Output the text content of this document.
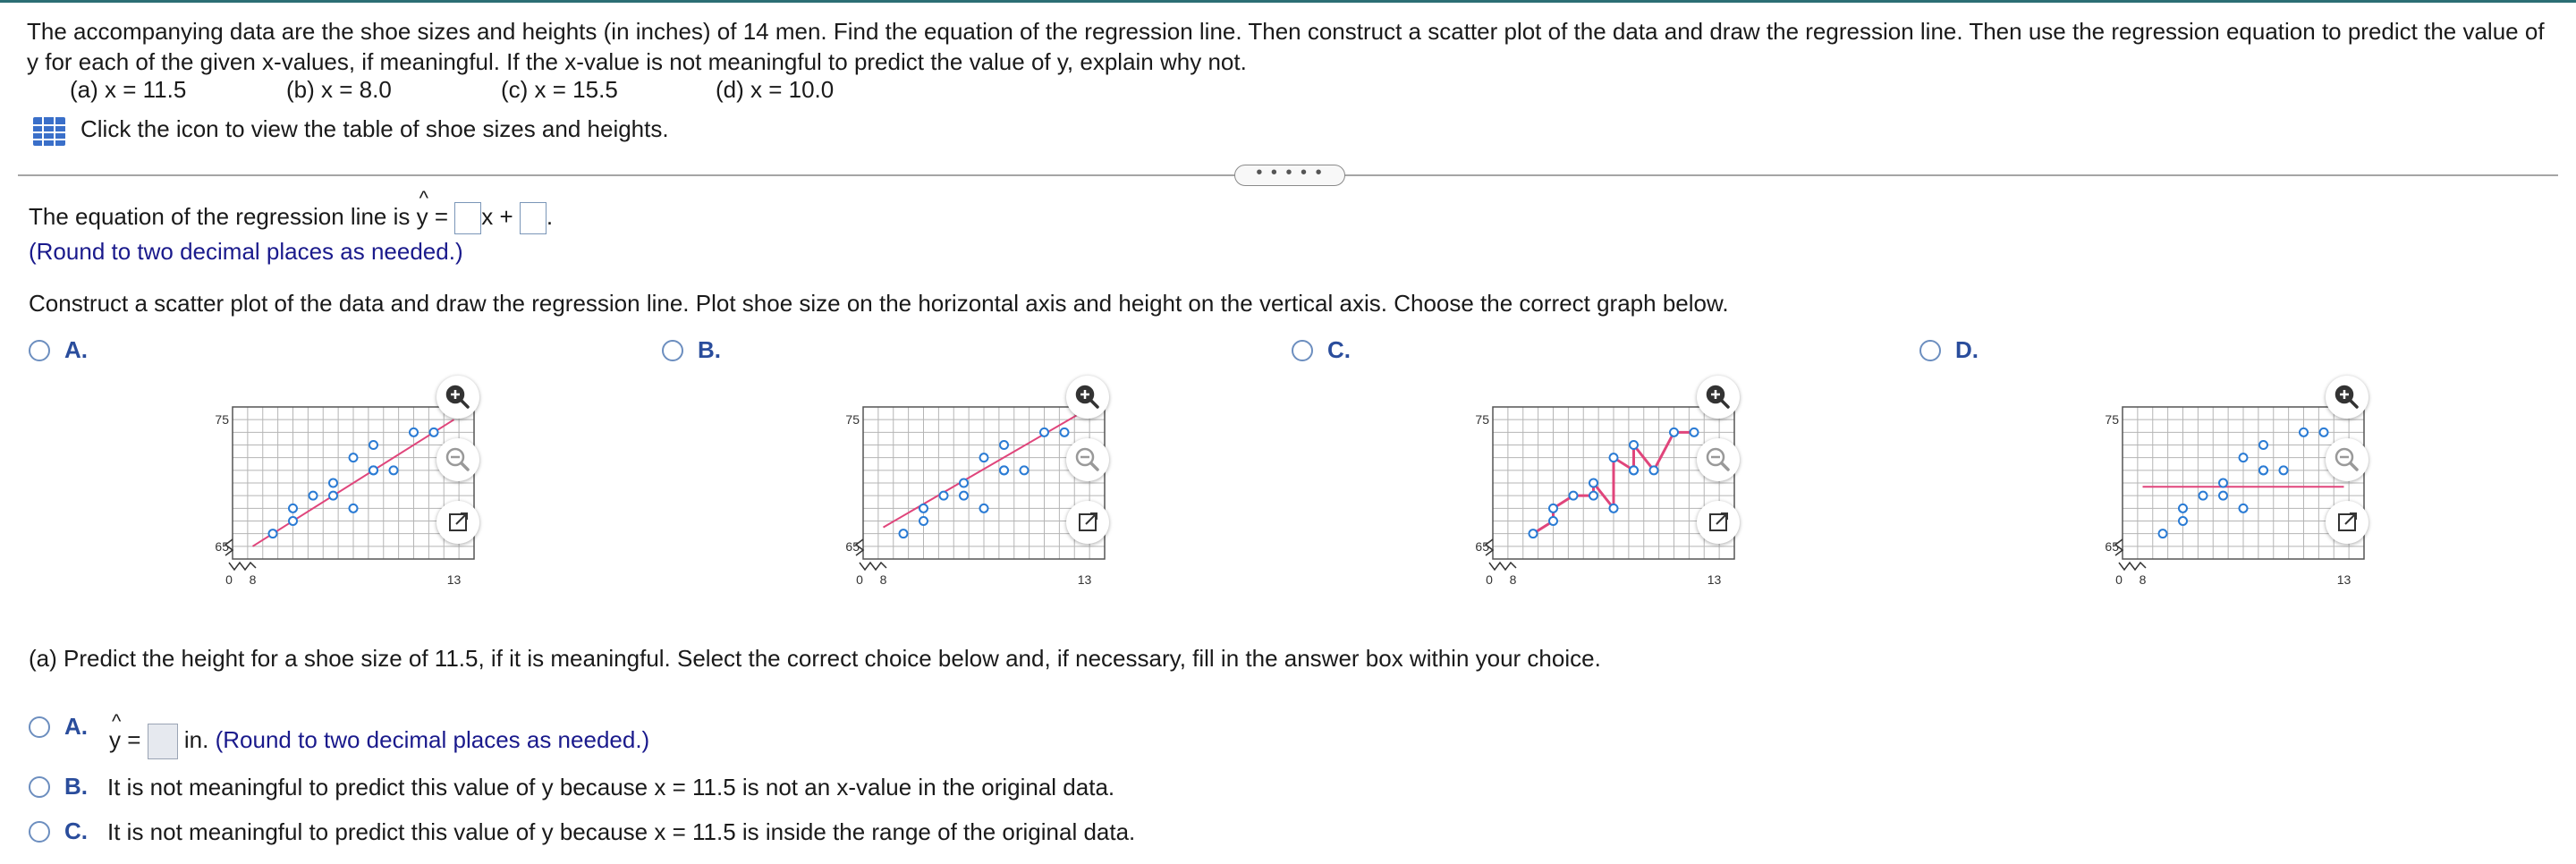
The accompanying data are the shoe sizes and heights (in inches) of 14 men. Find the equation of the regression line. Then construct a scatter plot of the data and draw the regression line. Then use the regression equation to predict the value of y for each of the given x-values, if meaningful. If the x-value is not meaningful to predict the value of y, explain why not.
(a) x = 11.5	(b) x = 8.0	(c) x = 15.5	(d) x = 10.0
Click the icon to view the table of shoe sizes and heights.
• • • • •
The equation of the regression line is ^ y = x + .
(Round to two decimal places as needed.)
Construct a scatter plot of the data and draw the regression line. Plot shoe size on the horizontal axis and height on the vertical axis. Choose the correct graph below.
A.	B.	C.	D.
75
65
0 8	13
75
65
0 8	13
75
65
0 8	13
75
65
0 8	13
(a) Predict the height for a shoe size of 11.5, if it is meaningful. Select the correct choice below and, if necessary, fill in the answer box within your choice.
A. ^ y = in. (Round to two decimal places as needed.)
B. It is not meaningful to predict this value of y because x = 11.5 is not an x-value in the original data.
C. It is not meaningful to predict this value of y because x = 11.5 is inside the range of the original data.
